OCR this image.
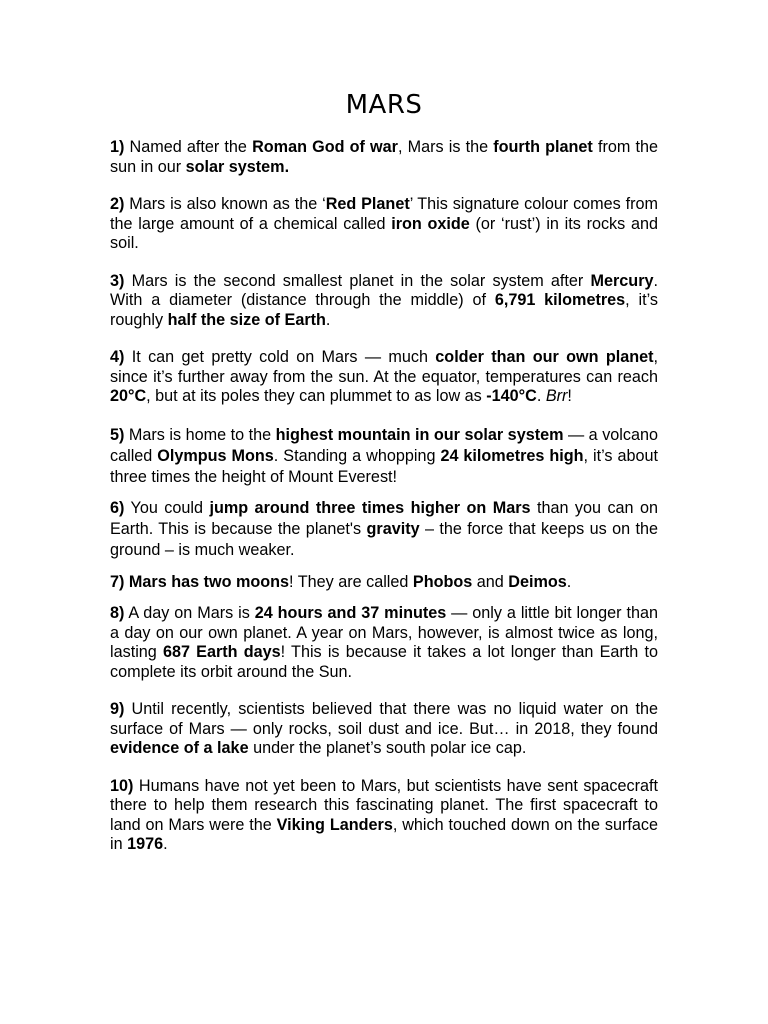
MARS

1) Named after the Roman God of war, Mars is the fourth planet from the sun in our solar system.

2) Mars is also known as the ‘Red Planet’ This signature colour comes from the large amount of a chemical called iron oxide (or ‘rust’) in its rocks and soil.

3) Mars is the second smallest planet in the solar system after Mercury. With a diameter (distance through the middle) of 6,791 kilometres, it’s roughly half the size of Earth.

4) It can get pretty cold on Mars — much colder than our own planet, since it’s further away from the sun. At the equator, temperatures can reach 20°C, but at its poles they can plummet to as low as -140°C. Brr!

5) Mars is home to the highest mountain in our solar system — a volcano called Olympus Mons. Standing a whopping 24 kilometres high, it’s about three times the height of Mount Everest!

6) You could jump around three times higher on Mars than you can on Earth. This is because the planet's gravity – the force that keeps us on the ground – is much weaker.

7) Mars has two moons! They are called Phobos and Deimos.

8) A day on Mars is 24 hours and 37 minutes — only a little bit longer than a day on our own planet. A year on Mars, however, is almost twice as long, lasting 687 Earth days! This is because it takes a lot longer than Earth to complete its orbit around the Sun.

9) Until recently, scientists believed that there was no liquid water on the surface of Mars — only rocks, soil dust and ice. But… in 2018, they found evidence of a lake under the planet’s south polar ice cap.

10) Humans have not yet been to Mars, but scientists have sent spacecraft there to help them research this fascinating planet. The first spacecraft to land on Mars were the Viking Landers, which touched down on the surface in 1976.
